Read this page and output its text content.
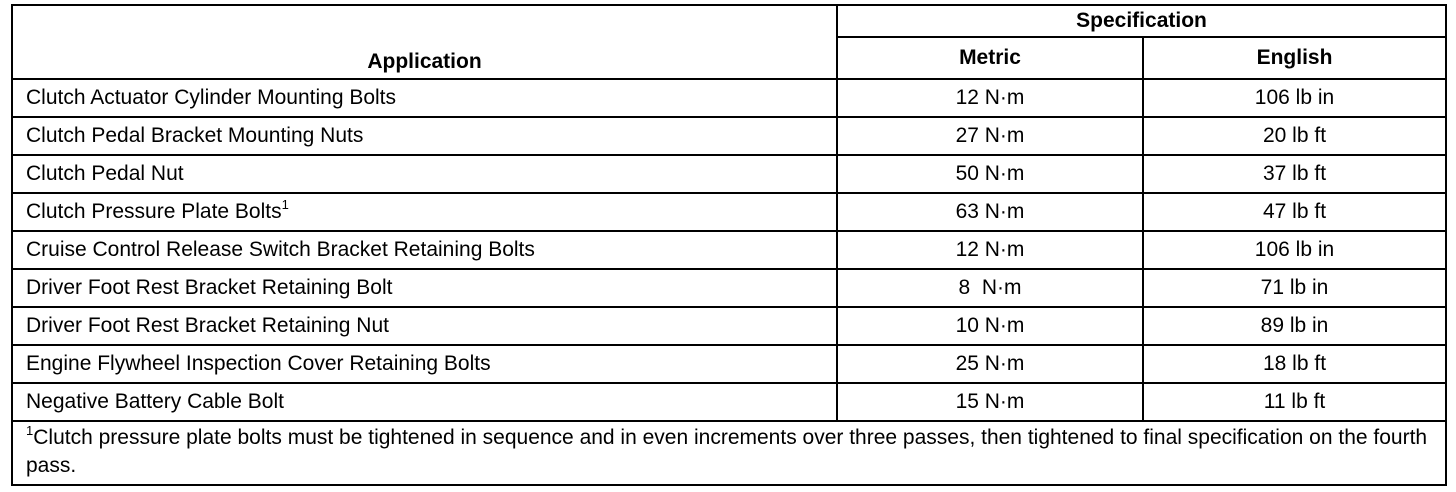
Application	Specification	
	Metric	English
Clutch Actuator Cylinder Mounting Bolts	12 N·m	106 lb in
Clutch Pedal Bracket Mounting Nuts	27 N·m	20 lb ft
Clutch Pedal Nut	50 N·m	37 lb ft
Clutch Pressure Plate Bolts$^1$	63 N·m	47 lb ft
Cruise Control Release Switch Bracket Retaining Bolts	12 N·m	106 lb in
Driver Foot Rest Bracket Retaining Bolt	8  N·m	71 lb in
Driver Foot Rest Bracket Retaining Nut	10 N·m	89 lb in
Engine Flywheel Inspection Cover Retaining Bolts	25 N·m	18 lb ft
Negative Battery Cable Bolt	15 N·m	11 lb ft
$^1$Clutch pressure plate bolts must be tightened in sequence and in even increments over three passes, then tightened to final specification on the fourth pass.		
